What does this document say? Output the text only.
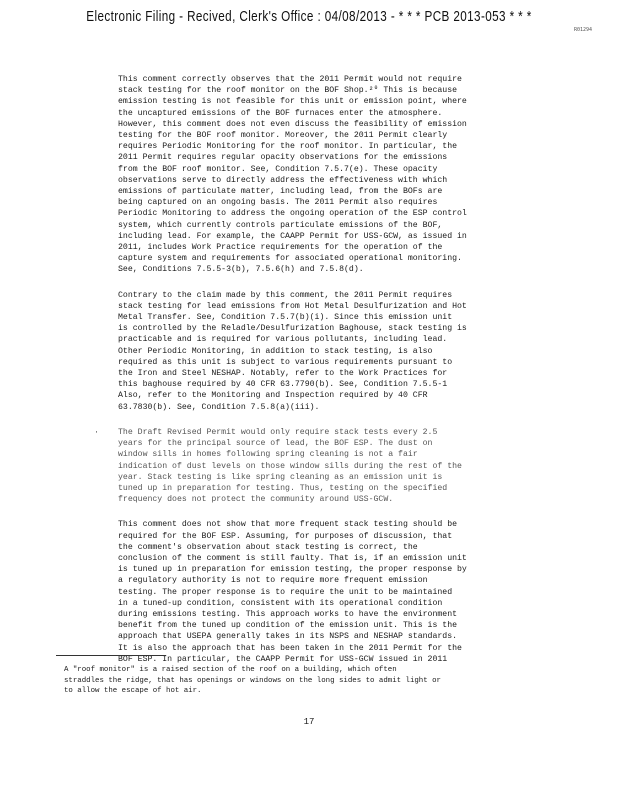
Electronic Filing - Recived, Clerk's Office : 04/08/2013 - * * * PCB 2013-053 * * *
R01294

This comment correctly observes that the 2011 Permit would not require
stack testing for the roof monitor on the BOF Shop.²⁰ This is because
emission testing is not feasible for this unit or emission point, where
the uncaptured emissions of the BOF furnaces enter the atmosphere.
However, this comment does not even discuss the feasibility of emission
testing for the BOF roof monitor. Moreover, the 2011 Permit clearly
requires Periodic Monitoring for the roof monitor. In particular, the
2011 Permit requires regular opacity observations for the emissions
from the BOF roof monitor. See, Condition 7.5.7(e). These opacity
observations serve to directly address the effectiveness with which
emissions of particulate matter, including lead, from the BOFs are
being captured on an ongoing basis. The 2011 Permit also requires
Periodic Monitoring to address the ongoing operation of the ESP control
system, which currently controls particulate emissions of the BOF,
including lead. For example, the CAAPP Permit for USS-GCW, as issued in
2011, includes Work Practice requirements for the operation of the
capture system and requirements for associated operational monitoring.
See, Conditions 7.5.5-3(b), 7.5.6(h) and 7.5.8(d).

Contrary to the claim made by this comment, the 2011 Permit requires
stack testing for lead emissions from Hot Metal Desulfurization and Hot
Metal Transfer. See, Condition 7.5.7(b)(i). Since this emission unit
is controlled by the Reladle/Desulfurization Baghouse, stack testing is
practicable and is required for various pollutants, including lead.
Other Periodic Monitoring, in addition to stack testing, is also
required as this unit is subject to various requirements pursuant to
the Iron and Steel NESHAP. Notably, refer to the Work Practices for
this baghouse required by 40 CFR 63.7790(b). See, Condition 7.5.5-1
Also, refer to the Monitoring and Inspection required by 40 CFR
63.7830(b). See, Condition 7.5.8(a)(iii).

· The Draft Revised Permit would only require stack tests every 2.5
years for the principal source of lead, the BOF ESP. The dust on
window sills in homes following spring cleaning is not a fair
indication of dust levels on those window sills during the rest of the
year. Stack testing is like spring cleaning as an emission unit is
tuned up in preparation for testing. Thus, testing on the specified
frequency does not protect the community around USS-GCW.

This comment does not show that more frequent stack testing should be
required for the BOF ESP. Assuming, for purposes of discussion, that
the comment's observation about stack testing is correct, the
conclusion of the comment is still faulty. That is, if an emission unit
is tuned up in preparation for emission testing, the proper response by
a regulatory authority is not to require more frequent emission
testing. The proper response is to require the unit to be maintained
in a tuned-up condition, consistent with its operational condition
during emissions testing. This approach works to have the environment
benefit from the tuned up condition of the emission unit. This is the
approach that USEPA generally takes in its NSPS and NESHAP standards.
It is also the approach that has been taken in the 2011 Permit for the
BOF ESP. In particular, the CAAPP Permit for USS-GCW issued in 2011

A "roof monitor" is a raised section of the roof on a building, which often
straddles the ridge, that has openings or windows on the long sides to admit light or
to allow the escape of hot air.
17
